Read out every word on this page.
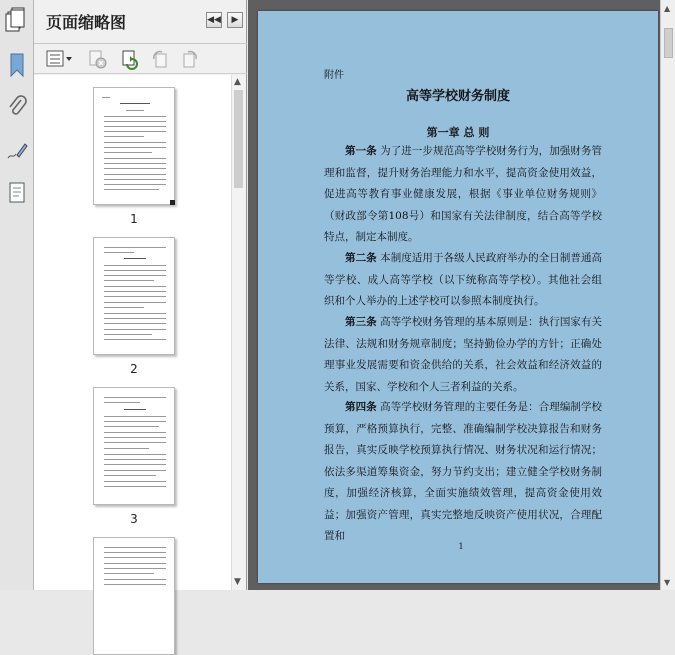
页面缩略图	◀◀ ▶
1
2
3
▲
▼
附件
高等学校财务制度
第一章 总 则

第一条 为了进一步规范高等学校财务行为，加强财务管理和监督，提升财务治理能力和水平，提高资金使用效益，促进高等教育事业健康发展，根据《事业单位财务规则》（财政部令第108号）和国家有关法律制度，结合高等学校特点，制定本制度。

第二条 本制度适用于各级人民政府举办的全日制普通高等学校、成人高等学校（以下统称高等学校）。其他社会组织和个人举办的上述学校可以参照本制度执行。

第三条 高等学校财务管理的基本原则是：执行国家有关法律、法规和财务规章制度；坚持勤俭办学的方针；正确处理事业发展需要和资金供给的关系，社会效益和经济效益的关系，国家、学校和个人三者利益的关系。

第四条 高等学校财务管理的主要任务是：合理编制学校预算，严格预算执行，完整、准确编制学校决算报告和财务报告，真实反映学校预算执行情况、财务状况和运行情况；依法多渠道筹集资金，努力节约支出；建立健全学校财务制度，加强经济核算，全面实施绩效管理，提高资金使用效益；加强资产管理，真实完整地反映资产使用状况，合理配置和

1
▲
▼
